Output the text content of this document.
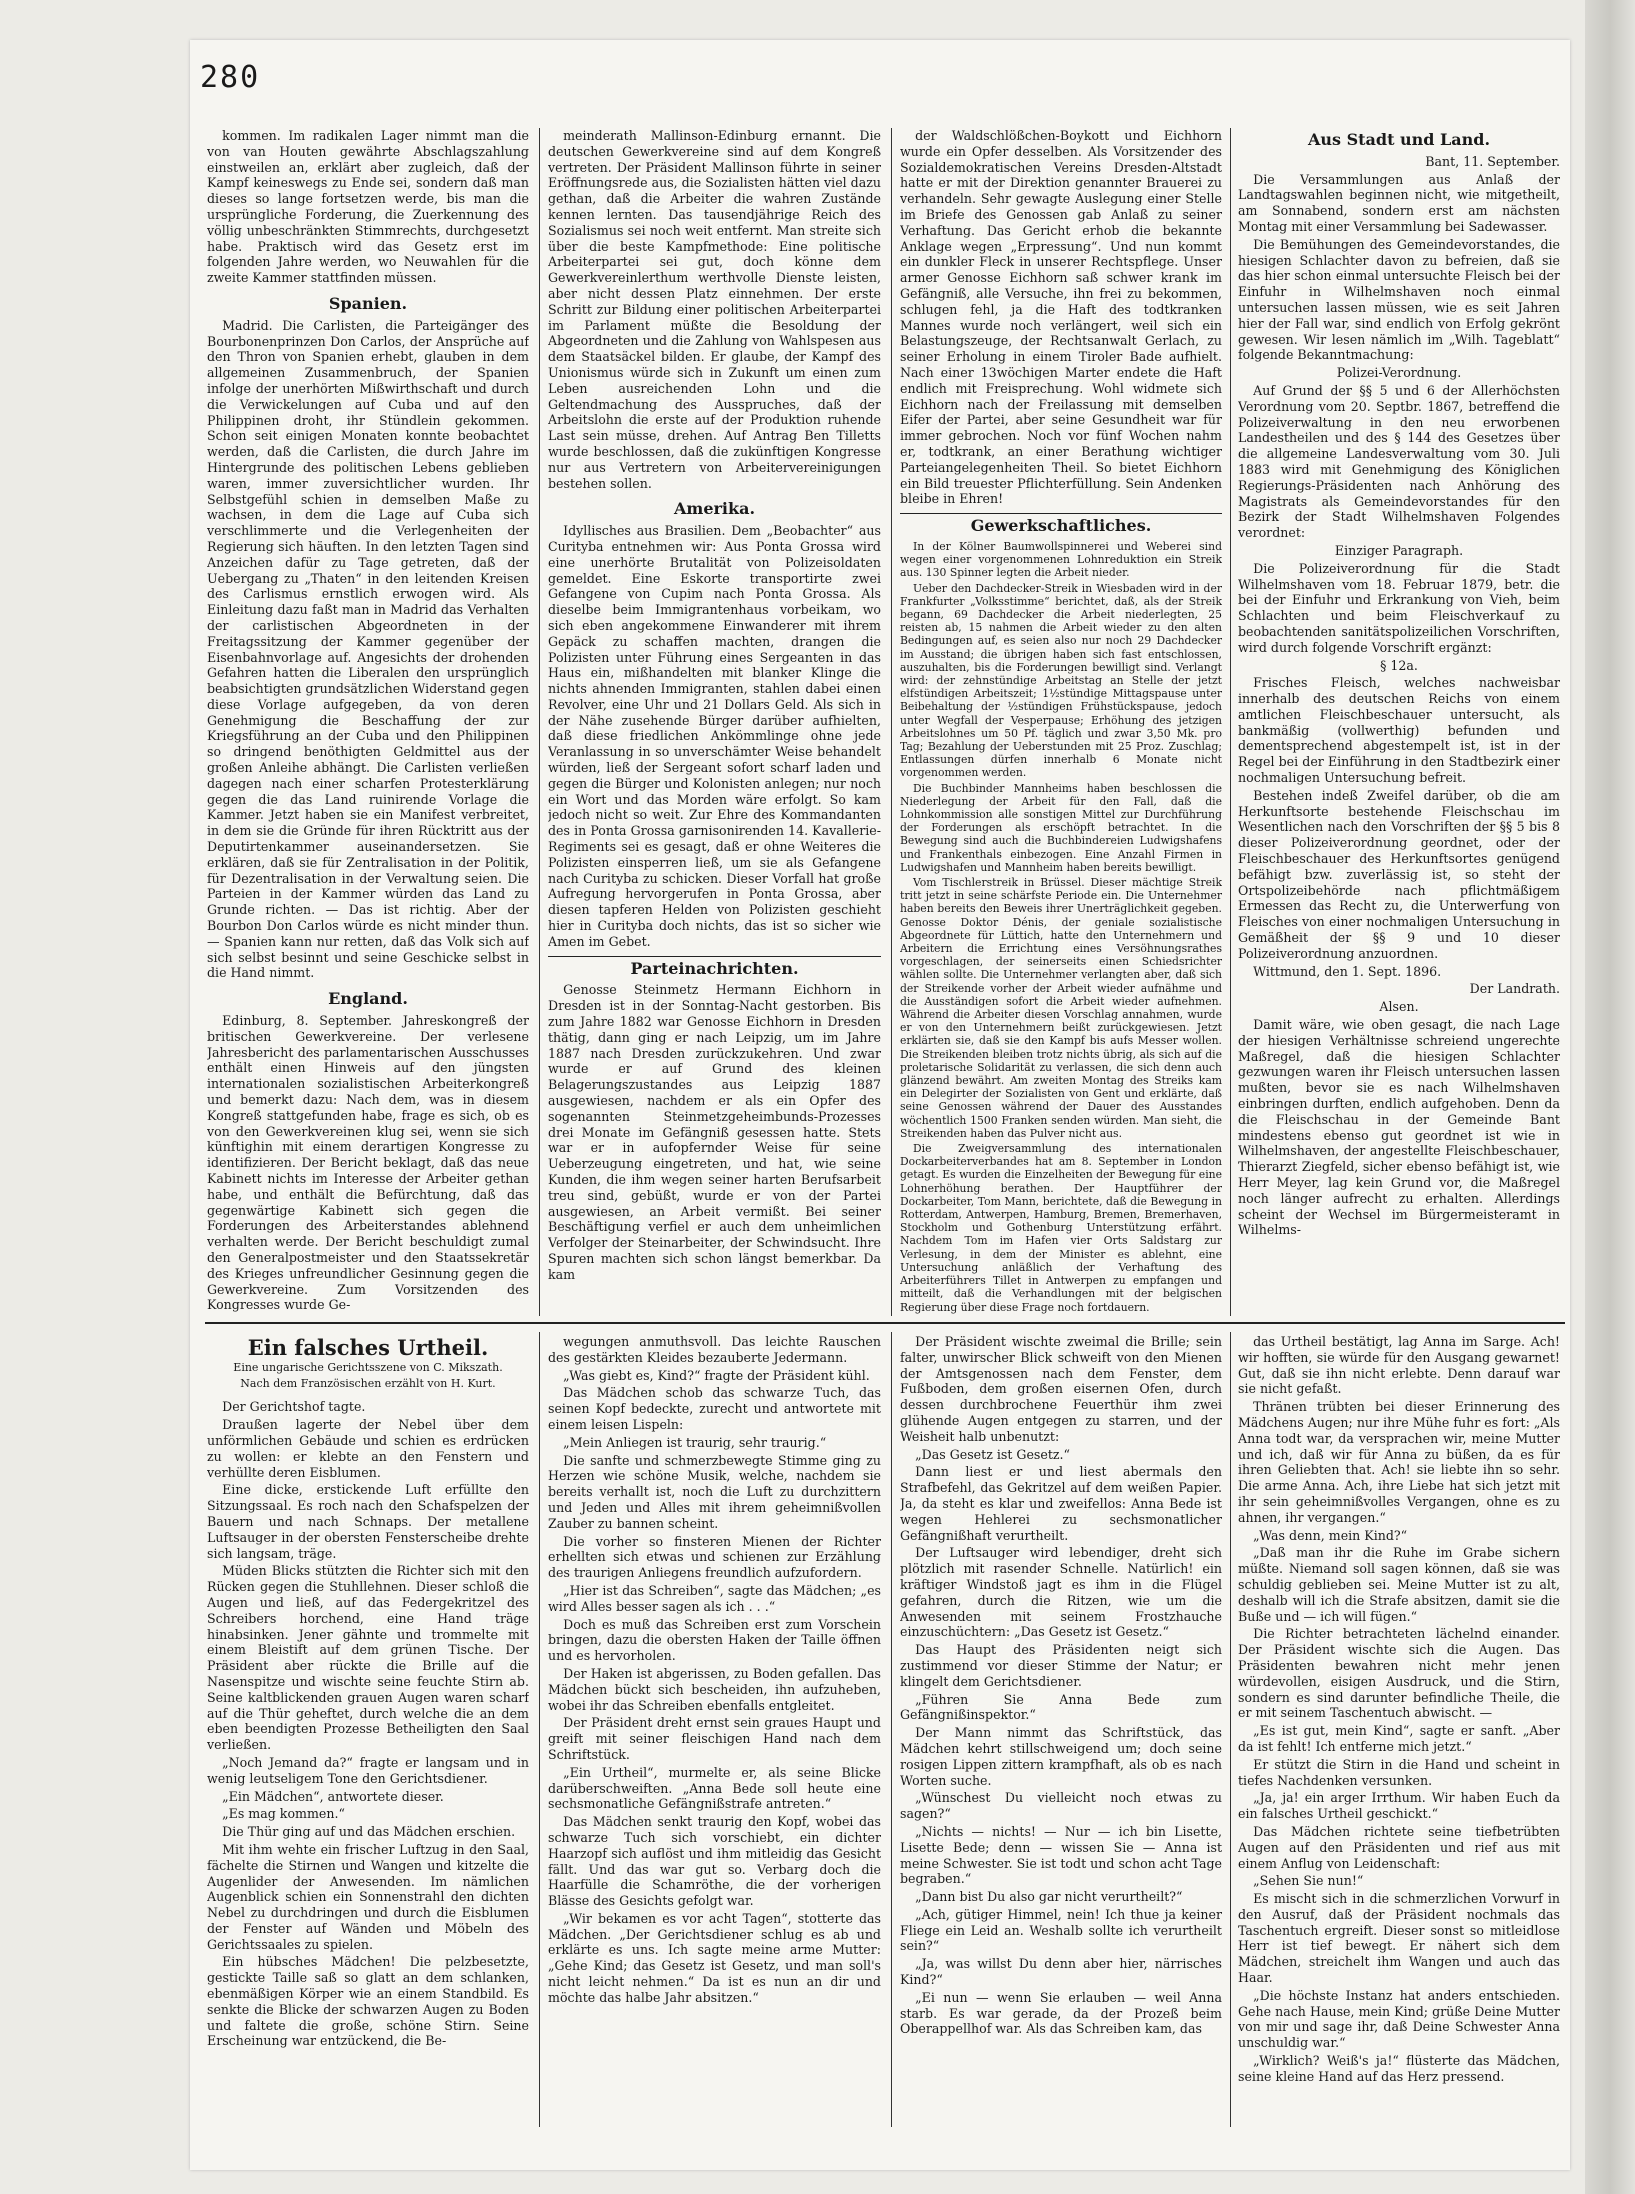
280

kommen. Im radikalen Lager nimmt man die von van Houten gewährte Abschlagszahlung einstweilen an, erklärt aber zugleich, daß der Kampf keineswegs zu Ende sei, sondern daß man dieses so lange fortsetzen werde, bis man die ursprüngliche Forderung, die Zuerkennung des völlig unbeschränkten Stimmrechts, durchgesetzt habe. Praktisch wird das Gesetz erst im folgenden Jahre werden, wo Neuwahlen für die zweite Kammer stattfinden müssen.

Spanien.

Madrid. Die Carlisten, die Parteigänger des Bourbonenprinzen Don Carlos, der Ansprüche auf den Thron von Spanien erhebt, glauben in dem allgemeinen Zusammenbruch, der Spanien infolge der unerhörten Mißwirthschaft und durch die Verwickelungen auf Cuba und auf den Philippinen droht, ihr Stündlein gekommen. Schon seit einigen Monaten konnte beobachtet werden, daß die Carlisten, die durch Jahre im Hintergrunde des politischen Lebens geblieben waren, immer zuversichtlicher wurden. Ihr Selbstgefühl schien in demselben Maße zu wachsen, in dem die Lage auf Cuba sich verschlimmerte und die Verlegenheiten der Regierung sich häuften. In den letzten Tagen sind Anzeichen dafür zu Tage getreten, daß der Uebergang zu „Thaten“ in den leitenden Kreisen des Carlismus ernstlich erwogen wird. Als Einleitung dazu faßt man in Madrid das Verhalten der carlistischen Abgeordneten in der Freitagssitzung der Kammer gegenüber der Eisenbahnvorlage auf. Angesichts der drohenden Gefahren hatten die Liberalen den ursprünglich beabsichtigten grundsätzlichen Widerstand gegen diese Vorlage aufgegeben, da von deren Genehmigung die Beschaffung der zur Kriegsführung an der Cuba und den Philippinen so dringend benöthigten Geldmittel aus der großen Anleihe abhängt. Die Carlisten verließen dagegen nach einer scharfen Protesterklärung gegen die das Land ruinirende Vorlage die Kammer. Jetzt haben sie ein Manifest verbreitet, in dem sie die Gründe für ihren Rücktritt aus der Deputirtenkammer auseinandersetzen. Sie erklären, daß sie für Zentralisation in der Politik, für Dezentralisation in der Verwaltung seien. Die Parteien in der Kammer würden das Land zu Grunde richten. — Das ist richtig. Aber der Bourbon Don Carlos würde es nicht minder thun. — Spanien kann nur retten, daß das Volk sich auf sich selbst besinnt und seine Geschicke selbst in die Hand nimmt.

England.

Edinburg, 8. September. Jahreskongreß der britischen Gewerkvereine. Der verlesene Jahresbericht des parlamentarischen Ausschusses enthält einen Hinweis auf den jüngsten internationalen sozialistischen Arbeiterkongreß und bemerkt dazu: Nach dem, was in diesem Kongreß stattgefunden habe, frage es sich, ob es von den Gewerkvereinen klug sei, wenn sie sich künftighin mit einem derartigen Kongresse zu identifizieren. Der Bericht beklagt, daß das neue Kabinett nichts im Interesse der Arbeiter gethan habe, und enthält die Befürchtung, daß das gegenwärtige Kabinett sich gegen die Forderungen des Arbeiterstandes ablehnend verhalten werde. Der Bericht beschuldigt zumal den Generalpostmeister und den Staatssekretär des Krieges unfreundlicher Gesinnung gegen die Gewerkvereine. Zum Vorsitzenden des Kongresses wurde Ge-

meinderath Mallinson-Edinburg ernannt. Die deutschen Gewerkvereine sind auf dem Kongreß vertreten. Der Präsident Mallinson führte in seiner Eröffnungsrede aus, die Sozialisten hätten viel dazu gethan, daß die Arbeiter die wahren Zustände kennen lernten. Das tausendjährige Reich des Sozialismus sei noch weit entfernt. Man streite sich über die beste Kampfmethode: Eine politische Arbeiterpartei sei gut, doch könne dem Gewerkvereinlerthum werthvolle Dienste leisten, aber nicht dessen Platz einnehmen. Der erste Schritt zur Bildung einer politischen Arbeiterpartei im Parlament müßte die Besoldung der Abgeordneten und die Zahlung von Wahlspesen aus dem Staatsäckel bilden. Er glaube, der Kampf des Unionismus würde sich in Zukunft um einen zum Leben ausreichenden Lohn und die Geltendmachung des Ausspruches, daß der Arbeitslohn die erste auf der Produktion ruhende Last sein müsse, drehen. Auf Antrag Ben Tilletts wurde beschlossen, daß die zukünftigen Kongresse nur aus Vertretern von Arbeitervereinigungen bestehen sollen.

Amerika.

Idyllisches aus Brasilien. Dem „Beobachter“ aus Curityba entnehmen wir: Aus Ponta Grossa wird eine unerhörte Brutalität von Polizeisoldaten gemeldet. Eine Eskorte transportirte zwei Gefangene von Cupim nach Ponta Grossa. Als dieselbe beim Immigrantenhaus vorbeikam, wo sich eben angekommene Einwanderer mit ihrem Gepäck zu schaffen machten, drangen die Polizisten unter Führung eines Sergeanten in das Haus ein, mißhandelten mit blanker Klinge die nichts ahnenden Immigranten, stahlen dabei einen Revolver, eine Uhr und 21 Dollars Geld. Als sich in der Nähe zusehende Bürger darüber aufhielten, daß diese friedlichen Ankömmlinge ohne jede Veranlassung in so unverschämter Weise behandelt würden, ließ der Sergeant sofort scharf laden und gegen die Bürger und Kolonisten anlegen; nur noch ein Wort und das Morden wäre erfolgt. So kam jedoch nicht so weit. Zur Ehre des Kommandanten des in Ponta Grossa garnisonirenden 14. Kavallerie-Regiments sei es gesagt, daß er ohne Weiteres die Polizisten einsperren ließ, um sie als Gefangene nach Curityba zu schicken. Dieser Vorfall hat große Aufregung hervorgerufen in Ponta Grossa, aber diesen tapferen Helden von Polizisten geschieht hier in Curityba doch nichts, das ist so sicher wie Amen im Gebet.

Parteinachrichten.

Genosse Steinmetz Hermann Eichhorn in Dresden ist in der Sonntag-Nacht gestorben. Bis zum Jahre 1882 war Genosse Eichhorn in Dresden thätig, dann ging er nach Leipzig, um im Jahre 1887 nach Dresden zurückzukehren. Und zwar wurde er auf Grund des kleinen Belagerungszustandes aus Leipzig 1887 ausgewiesen, nachdem er als ein Opfer des sogenannten Steinmetzgeheimbunds-Prozesses drei Monate im Gefängniß gesessen hatte. Stets war er in aufopfernder Weise für seine Ueberzeugung eingetreten, und hat, wie seine Kunden, die ihm wegen seiner harten Berufsarbeit treu sind, gebüßt, wurde er von der Partei ausgewiesen, an Arbeit vermißt. Bei seiner Beschäftigung verfiel er auch dem unheimlichen Verfolger der Steinarbeiter, der Schwindsucht. Ihre Spuren machten sich schon längst bemerkbar. Da kam

der Waldschlößchen-Boykott und Eichhorn wurde ein Opfer desselben. Als Vorsitzender des Sozialdemokratischen Vereins Dresden-Altstadt hatte er mit der Direktion genannter Brauerei zu verhandeln. Sehr gewagte Auslegung einer Stelle im Briefe des Genossen gab Anlaß zu seiner Verhaftung. Das Gericht erhob die bekannte Anklage wegen „Erpressung“. Und nun kommt ein dunkler Fleck in unserer Rechtspflege. Unser armer Genosse Eichhorn saß schwer krank im Gefängniß, alle Versuche, ihn frei zu bekommen, schlugen fehl, ja die Haft des todtkranken Mannes wurde noch verlängert, weil sich ein Belastungszeuge, der Rechtsanwalt Gerlach, zu seiner Erholung in einem Tiroler Bade aufhielt. Nach einer 13wöchigen Marter endete die Haft endlich mit Freisprechung. Wohl widmete sich Eichhorn nach der Freilassung mit demselben Eifer der Partei, aber seine Gesundheit war für immer gebrochen. Noch vor fünf Wochen nahm er, todtkrank, an einer Berathung wichtiger Parteiangelegenheiten Theil. So bietet Eichhorn ein Bild treuester Pflichterfüllung. Sein Andenken bleibe in Ehren!

Gewerkschaftliches.

In der Kölner Baumwollspinnerei und Weberei sind wegen einer vorgenommenen Lohnreduktion ein Streik aus. 130 Spinner legten die Arbeit nieder.

Ueber den Dachdecker-Streik in Wiesbaden wird in der Frankfurter „Volksstimme“ berichtet, daß, als der Streik begann, 69 Dachdecker die Arbeit niederlegten, 25 reisten ab, 15 nahmen die Arbeit wieder zu den alten Bedingungen auf, es seien also nur noch 29 Dachdecker im Ausstand; die übrigen haben sich fast entschlossen, auszuhalten, bis die Forderungen bewilligt sind. Verlangt wird: der zehnstündige Arbeitstag an Stelle der jetzt elfstündigen Arbeitszeit; 1½stündige Mittagspause unter Beibehaltung der ½stündigen Frühstückspause, jedoch unter Wegfall der Vesperpause; Erhöhung des jetzigen Arbeitslohnes um 50 Pf. täglich und zwar 3,50 Mk. pro Tag; Bezahlung der Ueberstunden mit 25 Proz. Zuschlag; Entlassungen dürfen innerhalb 6 Monate nicht vorgenommen werden.

Die Buchbinder Mannheims haben beschlossen die Niederlegung der Arbeit für den Fall, daß die Lohnkommission alle sonstigen Mittel zur Durchführung der Forderungen als erschöpft betrachtet. In die Bewegung sind auch die Buchbindereien Ludwigshafens und Frankenthals einbezogen. Eine Anzahl Firmen in Ludwigshafen und Mannheim haben bereits bewilligt.

Vom Tischlerstreik in Brüssel. Dieser mächtige Streik tritt jetzt in seine schärfste Periode ein. Die Unternehmer haben bereits den Beweis ihrer Unerträglichkeit gegeben. Genosse Doktor Dénis, der geniale sozialistische Abgeordnete für Lüttich, hatte den Unternehmern und Arbeitern die Errichtung eines Versöhnungsrathes vorgeschlagen, der seinerseits einen Schiedsrichter wählen sollte. Die Unternehmer verlangten aber, daß sich der Streikende vorher der Arbeit wieder aufnähme und die Ausständigen sofort die Arbeit wieder aufnehmen. Während die Arbeiter diesen Vorschlag annahmen, wurde er von den Unternehmern beißt zurückgewiesen. Jetzt erklärten sie, daß sie den Kampf bis aufs Messer wollen. Die Streikenden bleiben trotz nichts übrig, als sich auf die proletarische Solidarität zu verlassen, die sich denn auch glänzend bewährt. Am zweiten Montag des Streiks kam ein Delegirter der Sozialisten von Gent und erklärte, daß seine Genossen während der Dauer des Ausstandes wöchentlich 1500 Franken senden würden. Man sieht, die Streikenden haben das Pulver nicht aus.

Die Zweigversammlung des internationalen Dockarbeiterverbandes hat am 8. September in London getagt. Es wurden die Einzelheiten der Bewegung für eine Lohnerhöhung berathen. Der Hauptführer der Dockarbeiter, Tom Mann, berichtete, daß die Bewegung in Rotterdam, Antwerpen, Hamburg, Bremen, Bremerhaven, Stockholm und Gothenburg Unterstützung erfährt. Nachdem Tom im Hafen vier Orts Saldstarg zur Verlesung, in dem der Minister es ablehnt, eine Untersuchung anläßlich der Verhaftung des Arbeiterführers Tillet in Antwerpen zu empfangen und mitteilt, daß die Verhandlungen mit der belgischen Regierung über diese Frage noch fortdauern.

Aus Stadt und Land.

Bant, 11. September.

Die Versammlungen aus Anlaß der Landtagswahlen beginnen nicht, wie mitgetheilt, am Sonnabend, sondern erst am nächsten Montag mit einer Versammlung bei Sadewasser.

Die Bemühungen des Gemeindevorstandes, die hiesigen Schlachter davon zu befreien, daß sie das hier schon einmal untersuchte Fleisch bei der Einfuhr in Wilhelmshaven noch einmal untersuchen lassen müssen, wie es seit Jahren hier der Fall war, sind endlich von Erfolg gekrönt gewesen. Wir lesen nämlich im „Wilh. Tageblatt“ folgende Bekanntmachung:

Polizei-Verordnung.

Auf Grund der §§ 5 und 6 der Allerhöchsten Verordnung vom 20. Septbr. 1867, betreffend die Polizeiverwaltung in den neu erworbenen Landestheilen und des § 144 des Gesetzes über die allgemeine Landesverwaltung vom 30. Juli 1883 wird mit Genehmigung des Königlichen Regierungs-Präsidenten nach Anhörung des Magistrats als Gemeindevorstandes für den Bezirk der Stadt Wilhelmshaven Folgendes verordnet:

Einziger Paragraph.

Die Polizeiverordnung für die Stadt Wilhelmshaven vom 18. Februar 1879, betr. die bei der Einfuhr und Erkrankung von Vieh, beim Schlachten und beim Fleischverkauf zu beobachtenden sanitätspolizeilichen Vorschriften, wird durch folgende Vorschrift ergänzt:

§ 12a.

Frisches Fleisch, welches nachweisbar innerhalb des deutschen Reichs von einem amtlichen Fleischbeschauer untersucht, als bankmäßig (vollwerthig) befunden und dementsprechend abgestempelt ist, ist in der Regel bei der Einführung in den Stadtbezirk einer nochmaligen Untersuchung befreit.

Bestehen indeß Zweifel darüber, ob die am Herkunftsorte bestehende Fleischschau im Wesentlichen nach den Vorschriften der §§ 5 bis 8 dieser Polizeiverordnung geordnet, oder der Fleischbeschauer des Herkunftsortes genügend befähigt bzw. zuverlässig ist, so steht der Ortspolizeibehörde nach pflichtmäßigem Ermessen das Recht zu, die Unterwerfung von Fleisches von einer nochmaligen Untersuchung in Gemäßheit der §§ 9 und 10 dieser Polizeiverordnung anzuordnen.

Wittmund, den 1. Sept. 1896.

Der Landrath.

Alsen.

Damit wäre, wie oben gesagt, die nach Lage der hiesigen Verhältnisse schreiend ungerechte Maßregel, daß die hiesigen Schlachter gezwungen waren ihr Fleisch untersuchen lassen mußten, bevor sie es nach Wilhelmshaven einbringen durften, endlich aufgehoben. Denn da die Fleischschau in der Gemeinde Bant mindestens ebenso gut geordnet ist wie in Wilhelmshaven, der angestellte Fleischbeschauer, Thierarzt Ziegfeld, sicher ebenso befähigt ist, wie Herr Meyer, lag kein Grund vor, die Maßregel noch länger aufrecht zu erhalten. Allerdings scheint der Wechsel im Bürgermeisteramt in Wilhelms-

Ein falsches Urtheil.

Eine ungarische Gerichtsszene von C. Mikszath.

Nach dem Französischen erzählt von H. Kurt.

Der Gerichtshof tagte.

Draußen lagerte der Nebel über dem unförmlichen Gebäude und schien es erdrücken zu wollen: er klebte an den Fenstern und verhüllte deren Eisblumen.

Eine dicke, erstickende Luft erfüllte den Sitzungssaal. Es roch nach den Schafspelzen der Bauern und nach Schnaps. Der metallene Luftsauger in der obersten Fensterscheibe drehte sich langsam, träge.

Müden Blicks stützten die Richter sich mit den Rücken gegen die Stuhllehnen. Dieser schloß die Augen und ließ, auf das Federgekritzel des Schreibers horchend, eine Hand träge hinabsinken. Jener gähnte und trommelte mit einem Bleistift auf dem grünen Tische. Der Präsident aber rückte die Brille auf die Nasenspitze und wischte seine feuchte Stirn ab. Seine kaltblickenden grauen Augen waren scharf auf die Thür geheftet, durch welche die an dem eben beendigten Prozesse Betheiligten den Saal verließen.

„Noch Jemand da?“ fragte er langsam und in wenig leutseligem Tone den Gerichtsdiener.

„Ein Mädchen“, antwortete dieser.

„Es mag kommen.“

Die Thür ging auf und das Mädchen erschien.

Mit ihm wehte ein frischer Luftzug in den Saal, fächelte die Stirnen und Wangen und kitzelte die Augenlider der Anwesenden. Im nämlichen Augenblick schien ein Sonnenstrahl den dichten Nebel zu durchdringen und durch die Eisblumen der Fenster auf Wänden und Möbeln des Gerichtssaales zu spielen.

Ein hübsches Mädchen! Die pelzbesetzte, gestickte Taille saß so glatt an dem schlanken, ebenmäßigen Körper wie an einem Standbild. Es senkte die Blicke der schwarzen Augen zu Boden und faltete die große, schöne Stirn. Seine Erscheinung war entzückend, die Be-

wegungen anmuthsvoll. Das leichte Rauschen des gestärkten Kleides bezauberte Jedermann.

„Was giebt es, Kind?“ fragte der Präsident kühl.

Das Mädchen schob das schwarze Tuch, das seinen Kopf bedeckte, zurecht und antwortete mit einem leisen Lispeln:

„Mein Anliegen ist traurig, sehr traurig.“

Die sanfte und schmerzbewegte Stimme ging zu Herzen wie schöne Musik, welche, nachdem sie bereits verhallt ist, noch die Luft zu durchzittern und Jeden und Alles mit ihrem geheimnißvollen Zauber zu bannen scheint.

Die vorher so finsteren Mienen der Richter erhellten sich etwas und schienen zur Erzählung des traurigen Anliegens freundlich aufzufordern.

„Hier ist das Schreiben“, sagte das Mädchen; „es wird Alles besser sagen als ich . . .“

Doch es muß das Schreiben erst zum Vorschein bringen, dazu die obersten Haken der Taille öffnen und es hervorholen.

Der Haken ist abgerissen, zu Boden gefallen. Das Mädchen bückt sich bescheiden, ihn aufzuheben, wobei ihr das Schreiben ebenfalls entgleitet.

Der Präsident dreht ernst sein graues Haupt und greift mit seiner fleischigen Hand nach dem Schriftstück.

„Ein Urtheil“, murmelte er, als seine Blicke darüberschweiften. „Anna Bede soll heute eine sechsmonatliche Gefängnißstrafe antreten.“

Das Mädchen senkt traurig den Kopf, wobei das schwarze Tuch sich vorschiebt, ein dichter Haarzopf sich auflöst und ihm mitleidig das Gesicht fällt. Und das war gut so. Verbarg doch die Haarfülle die Schamröthe, die der vorherigen Blässe des Gesichts gefolgt war.

„Wir bekamen es vor acht Tagen“, stotterte das Mädchen. „Der Gerichtsdiener schlug es ab und erklärte es uns. Ich sagte meine arme Mutter: „Gehe Kind; das Gesetz ist Gesetz, und man soll's nicht leicht nehmen.“ Da ist es nun an dir und möchte das halbe Jahr absitzen.“

Der Präsident wischte zweimal die Brille; sein falter, unwirscher Blick schweift von den Mienen der Amtsgenossen nach dem Fenster, dem Fußboden, dem großen eisernen Ofen, durch dessen durchbrochene Feuerthür ihm zwei glühende Augen entgegen zu starren, und der Weisheit halb unbenutzt:

„Das Gesetz ist Gesetz.“

Dann liest er und liest abermals den Strafbefehl, das Gekritzel auf dem weißen Papier. Ja, da steht es klar und zweifellos: Anna Bede ist wegen Hehlerei zu sechsmonatlicher Gefängnißhaft verurtheilt.

Der Luftsauger wird lebendiger, dreht sich plötzlich mit rasender Schnelle. Natürlich! ein kräftiger Windstoß jagt es ihm in die Flügel gefahren, durch die Ritzen, wie um die Anwesenden mit seinem Frostzhauche einzuschüchtern: „Das Gesetz ist Gesetz.“

Das Haupt des Präsidenten neigt sich zustimmend vor dieser Stimme der Natur; er klingelt dem Gerichtsdiener.

„Führen Sie Anna Bede zum Gefängnißinspektor.“

Der Mann nimmt das Schriftstück, das Mädchen kehrt stillschweigend um; doch seine rosigen Lippen zittern krampfhaft, als ob es nach Worten suche.

„Wünschest Du vielleicht noch etwas zu sagen?“

„Nichts — nichts! — Nur — ich bin Lisette, Lisette Bede; denn — wissen Sie — Anna ist meine Schwester. Sie ist todt und schon acht Tage begraben.“

„Dann bist Du also gar nicht verurtheilt?“

„Ach, gütiger Himmel, nein! Ich thue ja keiner Fliege ein Leid an. Weshalb sollte ich verurtheilt sein?“

„Ja, was willst Du denn aber hier, närrisches Kind?“

„Ei nun — wenn Sie erlauben — weil Anna starb. Es war gerade, da der Prozeß beim Oberappellhof war. Als das Schreiben kam, das

das Urtheil bestätigt, lag Anna im Sarge. Ach! wir hofften, sie würde für den Ausgang gewarnet! Gut, daß sie ihn nicht erlebte. Denn darauf war sie nicht gefaßt.

Thränen trübten bei dieser Erinnerung des Mädchens Augen; nur ihre Mühe fuhr es fort: „Als Anna todt war, da versprachen wir, meine Mutter und ich, daß wir für Anna zu büßen, da es für ihren Geliebten that. Ach! sie liebte ihn so sehr. Die arme Anna. Ach, ihre Liebe hat sich jetzt mit ihr sein geheimnißvolles Vergangen, ohne es zu ahnen, ihr vergangen.“

„Was denn, mein Kind?“

„Daß man ihr die Ruhe im Grabe sichern müßte. Niemand soll sagen können, daß sie was schuldig geblieben sei. Meine Mutter ist zu alt, deshalb will ich die Strafe absitzen, damit sie die Buße und — ich will fügen.“

Die Richter betrachteten lächelnd einander. Der Präsident wischte sich die Augen. Das Präsidenten bewahren nicht mehr jenen würdevollen, eisigen Ausdruck, und die Stirn, sondern es sind darunter befindliche Theile, die er mit seinem Taschentuch abwischt. —

„Es ist gut, mein Kind“, sagte er sanft. „Aber da ist fehlt! Ich entferne mich jetzt.“

Er stützt die Stirn in die Hand und scheint in tiefes Nachdenken versunken.

„Ja, ja! ein arger Irrthum. Wir haben Euch da ein falsches Urtheil geschickt.“

Das Mädchen richtete seine tiefbetrübten Augen auf den Präsidenten und rief aus mit einem Anflug von Leidenschaft:

„Sehen Sie nun!“

Es mischt sich in die schmerzlichen Vorwurf in den Ausruf, daß der Präsident nochmals das Taschentuch ergreift. Dieser sonst so mitleidlose Herr ist tief bewegt. Er nähert sich dem Mädchen, streichelt ihm Wangen und auch das Haar.

„Die höchste Instanz hat anders entschieden. Gehe nach Hause, mein Kind; grüße Deine Mutter von mir und sage ihr, daß Deine Schwester Anna unschuldig war.“

„Wirklich? Weiß's ja!“ flüsterte das Mädchen, seine kleine Hand auf das Herz pressend.
